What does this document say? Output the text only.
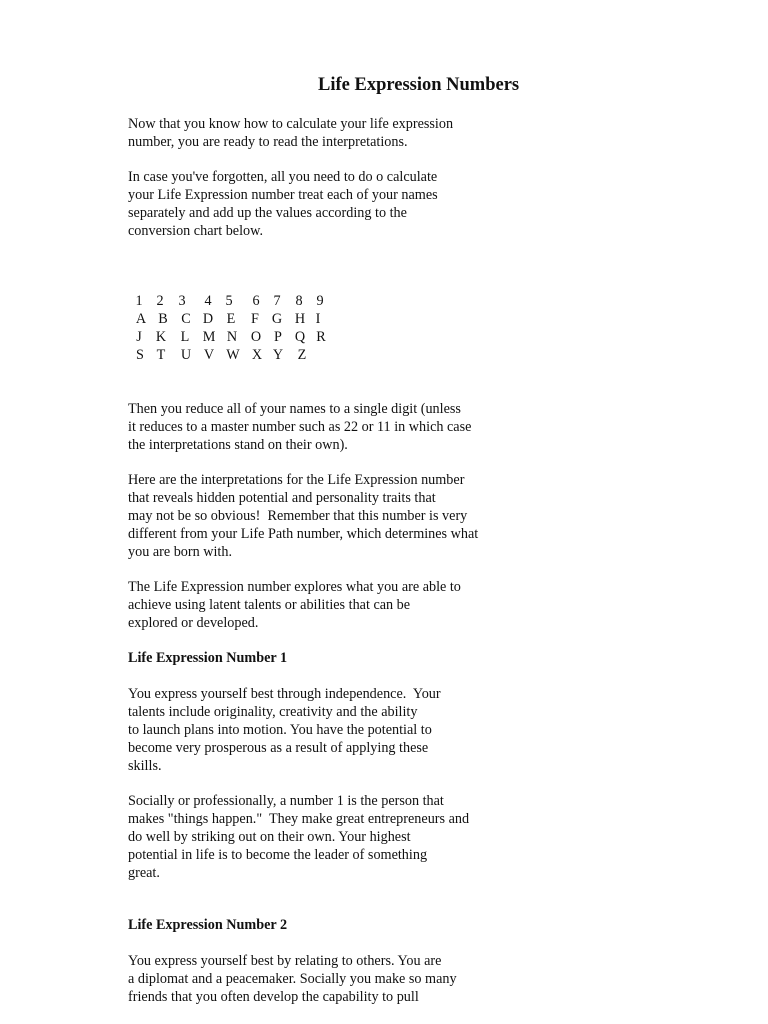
Life Expression Numbers
Now that you know how to calculate your life expression
number, you are ready to read the interpretations.
In case you've forgotten, all you need to do o calculate
your Life Expression number treat each of your names
separately and add up the values according to the
conversion chart below.
1 2	3	4 5	6 7	8 9
A B C D E	F G H I
J K	L M N O P Q R
S T	U V W X Y	Z
Then you reduce all of your names to a single digit (unless
it reduces to a master number such as 22 or 11 in which case
the interpretations stand on their own).
Here are the interpretations for the Life Expression number
that reveals hidden potential and personality traits that
may not be so obvious!  Remember that this number is very
different from your Life Path number, which determines what
you are born with.
The Life Expression number explores what you are able to
achieve using latent talents or abilities that can be
explored or developed.
Life Expression Number 1
You express yourself best through independence.  Your
talents include originality, creativity and the ability
to launch plans into motion. You have the potential to
become very prosperous as a result of applying these
skills.
Socially or professionally, a number 1 is the person that
makes "things happen."  They make great entrepreneurs and
do well by striking out on their own. Your highest
potential in life is to become the leader of something
great.
Life Expression Number 2
You express yourself best by relating to others. You are
a diplomat and a peacemaker. Socially you make so many
friends that you often develop the capability to pull
